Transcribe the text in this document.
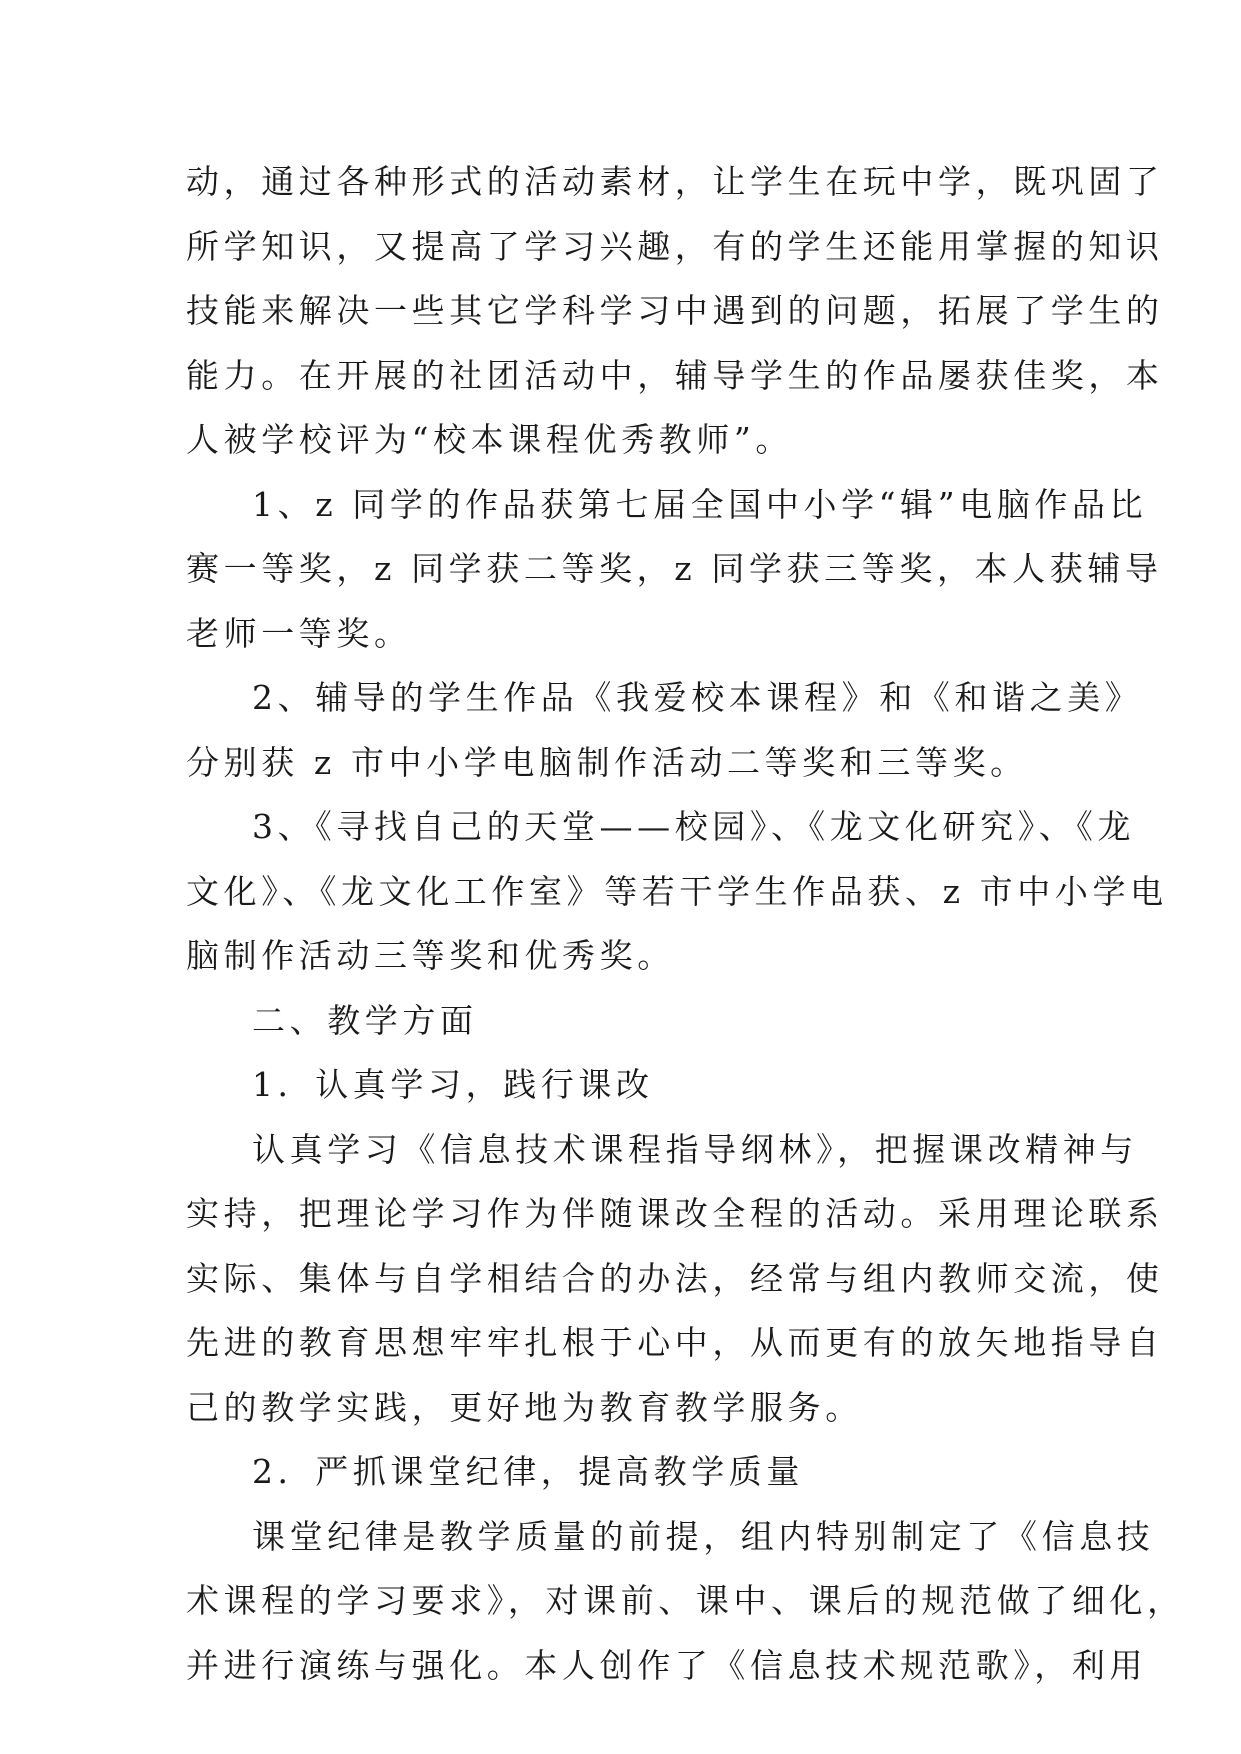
动，通过各种形式的活动素材，让学生在玩中学，既巩固了
所学知识，又提高了学习兴趣，有的学生还能用掌握的知识
技能来解决一些其它学科学习中遇到的问题，拓展了学生的
能力。在开展的社团活动中，辅导学生的作品屡获佳奖，本
人被学校评为“校本课程优秀教师”。
1、z 同学的作品获第七届全国中小学“辑”电脑作品比
赛一等奖，z 同学获二等奖，z 同学获三等奖，本人获辅导
老师一等奖。
2、辅导的学生作品《我爱校本课程》和《和谐之美》
分别获 z 市中小学电脑制作活动二等奖和三等奖。
3、《寻找自己的天堂——校园》、《龙文化研究》、《龙
文化》、《龙文化工作室》等若干学生作品获、z 市中小学电
脑制作活动三等奖和优秀奖。
二、教学方面
1．认真学习，践行课改
认真学习《信息技术课程指导纲林》，把握课改精神与
实持，把理论学习作为伴随课改全程的活动。采用理论联系
实际、集体与自学相结合的办法，经常与组内教师交流，使
先进的教育思想牢牢扎根于心中，从而更有的放矢地指导自
己的教学实践，更好地为教育教学服务。
2．严抓课堂纪律，提高教学质量
课堂纪律是教学质量的前提，组内特别制定了《信息技
术课程的学习要求》，对课前、课中、课后的规范做了细化，
并进行演练与强化。本人创作了《信息技术规范歌》，利用
